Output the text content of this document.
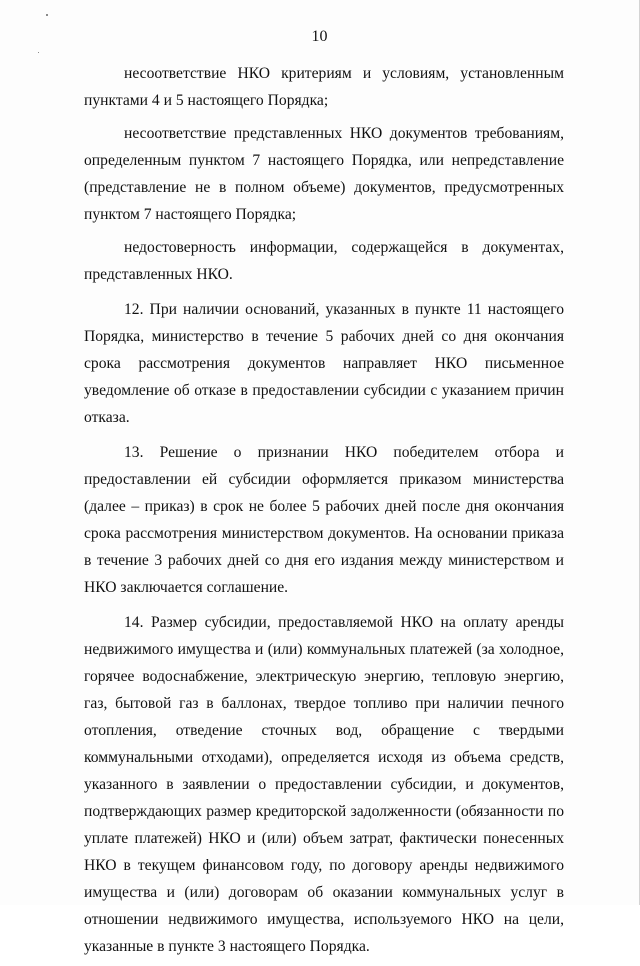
10

несоответствие НКО критериям и условиям, установленным пунктами 4 и 5 настоящего Порядка;

несоответствие представленных НКО документов требованиям, определенным пунктом 7 настоящего Порядка, или непредставление (представление не в полном объеме) документов, предусмотренных пунктом 7 настоящего Порядка;

недостоверность информации, содержащейся в документах, представленных НКО.

12. При наличии оснований, указанных в пункте 11 настоящего Порядка, министерство в течение 5 рабочих дней со дня окончания срока рассмотрения документов направляет НКО письменное уведомление об отказе в предоставлении субсидии с указанием причин отказа.

13. Решение о признании НКО победителем отбора и предоставлении ей субсидии оформляется приказом министерства (далее – приказ) в срок не более 5 рабочих дней после дня окончания срока рассмотрения министерством документов. На основании приказа в течение 3 рабочих дней со дня его издания между министерством и НКО заключается соглашение.

14. Размер субсидии, предоставляемой НКО на оплату аренды недвижимого имущества и (или) коммунальных платежей (за холодное, горячее водоснабжение, электрическую энергию, тепловую энергию, газ, бытовой газ в баллонах, твердое топливо при наличии печного отопления, отведение сточных вод, обращение с твердыми коммунальными отходами), определяется исходя из объема средств, указанного в заявлении о предоставлении субсидии, и документов, подтверждающих размер кредиторской задолженности (обязанности по уплате платежей) НКО и (или) объем затрат, фактически понесенных НКО в текущем финансовом году, по договору аренды недвижимого имущества и (или) договорам об оказании коммунальных услуг в отношении недвижимого имущества, используемого НКО на цели, указанные в пункте 3 настоящего Порядка.
